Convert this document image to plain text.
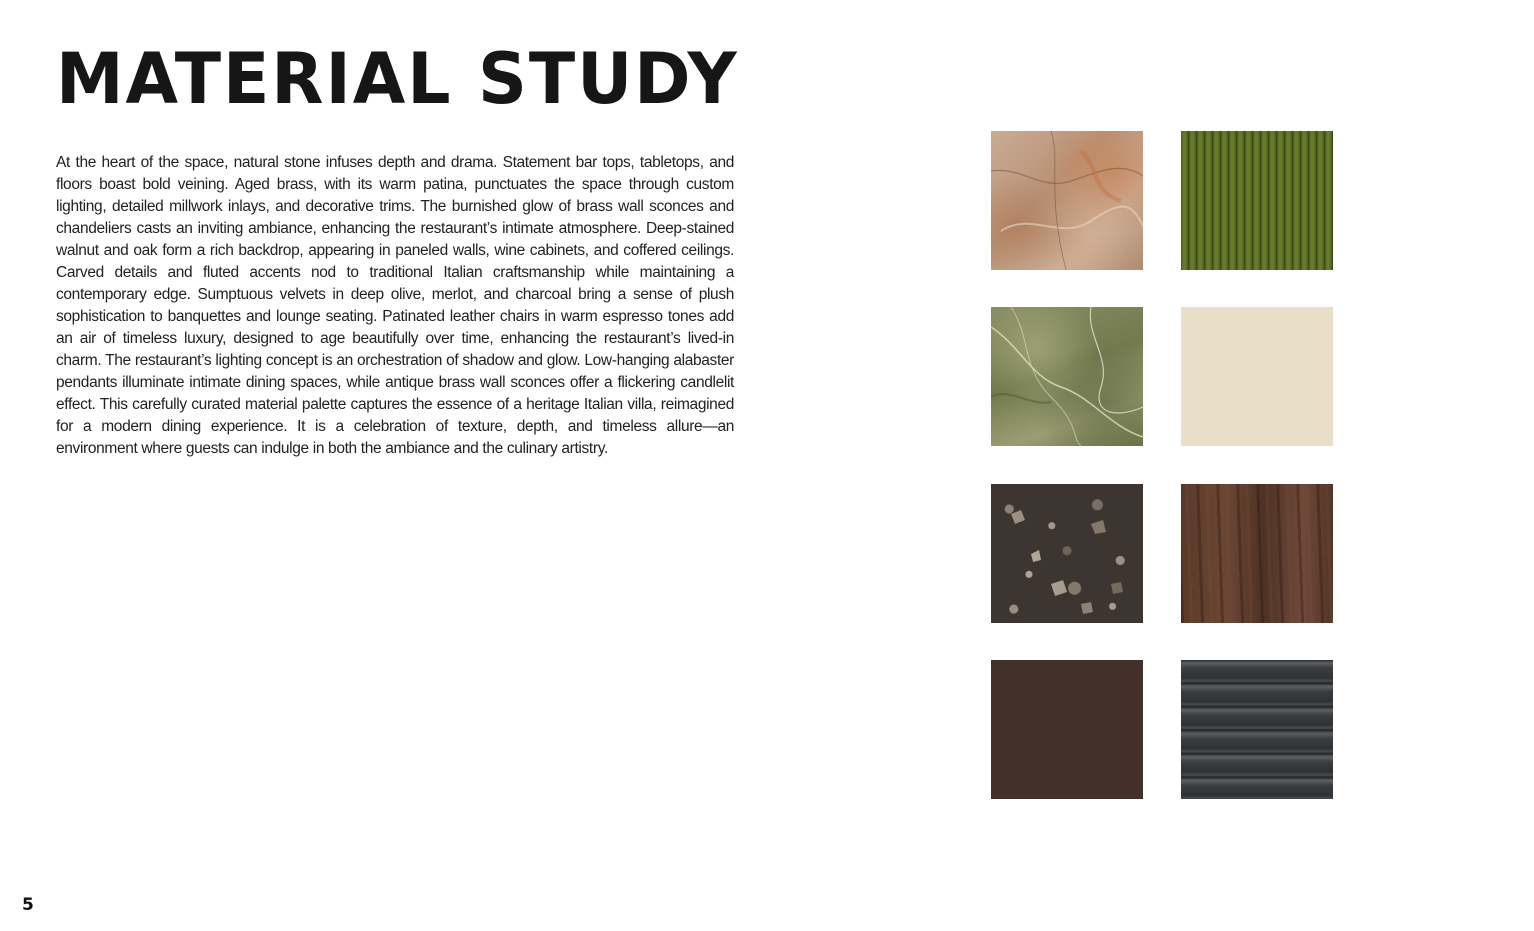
MATERIAL STUDY

At the heart of the space, natural stone infuses depth and drama. Statement bar tops, tabletops, and floors boast bold veining. Aged brass, with its warm patina, punctuates the space through custom lighting, detailed millwork inlays, and decorative trims. The burnished glow of brass wall sconces and chandeliers casts an inviting ambiance, enhancing the restaurant’s intimate atmosphere. Deep-stained walnut and oak form a rich backdrop, appearing in paneled walls, wine cabinets, and coffered ceilings. Carved details and fluted accents nod to traditional Italian craftsmanship while maintaining a contemporary edge. Sumptuous velvets in deep olive, merlot, and charcoal bring a sense of plush sophistication to banquettes and lounge seating. Patinated leather chairs in warm espresso tones add an air of timeless luxury, designed to age beautifully over time, enhancing the restaurant’s lived-in charm. The restaurant’s lighting concept is an orchestration of shadow and glow. Low-hanging alabaster pendants illuminate intimate dining spaces, while antique brass wall sconces offer a flickering candlelit effect. This carefully curated material palette captures the essence of a heritage Italian villa, reimagined for a modern dining experience. It is a celebration of texture, depth, and timeless allure—an environment where guests can indulge in both the ambiance and the culinary artistry.

5
